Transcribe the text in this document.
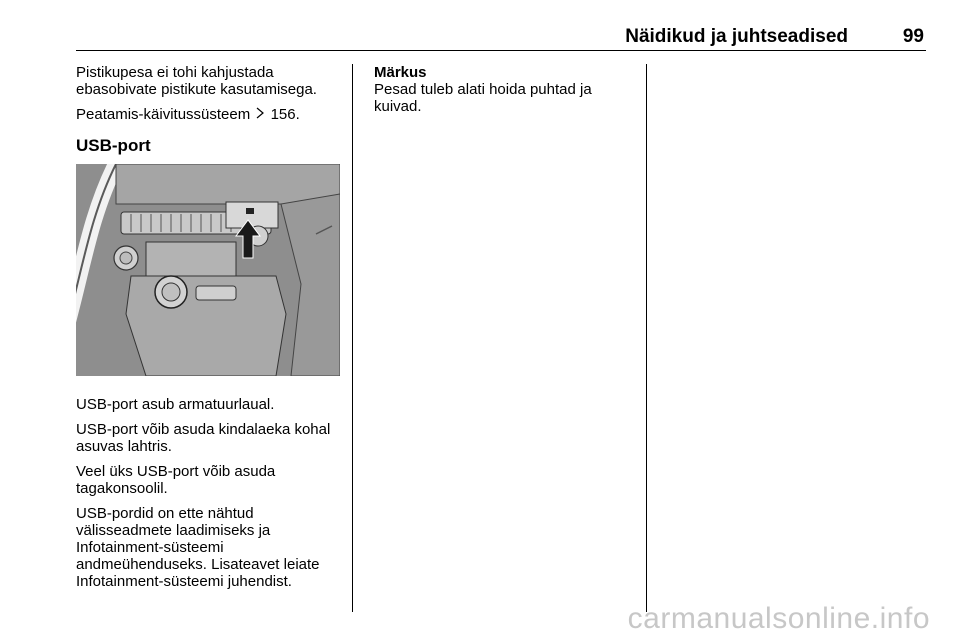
Näidikud ja juhtseadised	99

Pistikupesa ei tohi kahjustada ebasobivate pistikute kasutamisega.

Peatamis-käivitussüsteem 156.

USB-port

USB-port asub armatuurlaual.

USB-port võib asuda kindalaeka kohal asuvas lahtris.

Veel üks USB-port võib asuda tagakonsoolil.

USB-pordid on ette nähtud välisseadmete laadimiseks ja Infotainment-süsteemi andmeühenduseks. Lisateavet leiate Infotainment-süsteemi juhendist.

Märkus

Pesad tuleb alati hoida puhtad ja kuivad.

carmanualsonline.info
